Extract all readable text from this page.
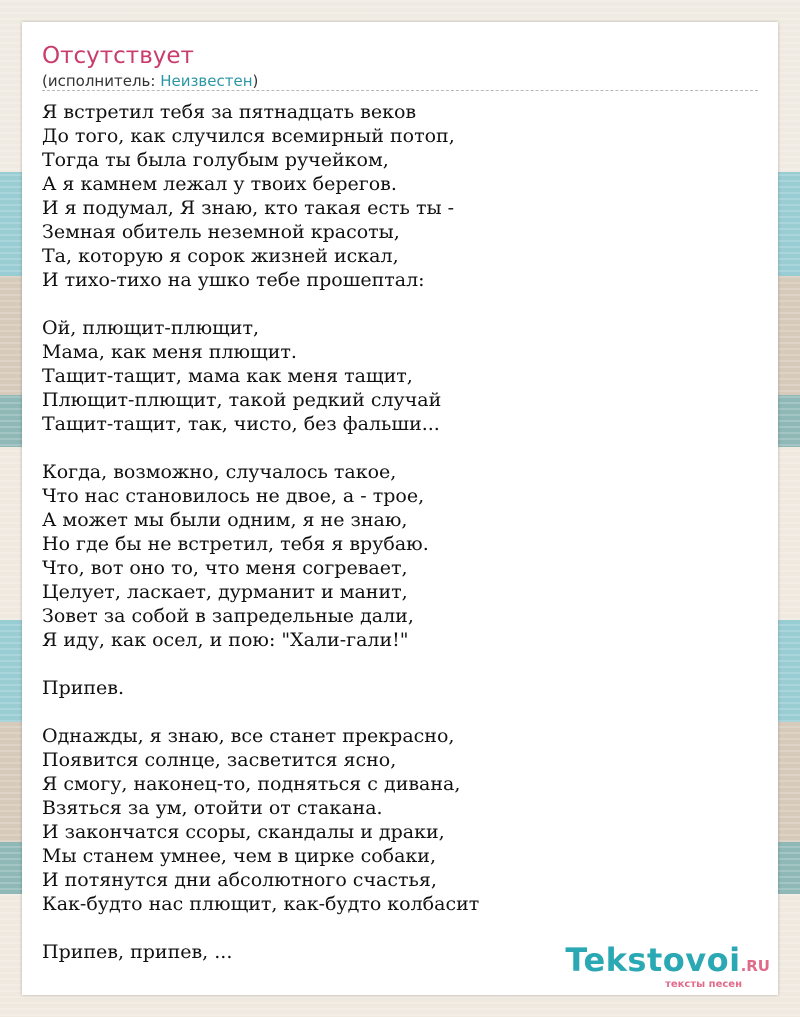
Отсутствует
(исполнитель: Неизвестен)
Я встретил тебя за пятнадцать веков
До того, как случился всемирный потоп,
Тогда ты была голубым ручейком,
А я камнем лежал у твоих берегов.
И я подумал, Я знаю, кто такая есть ты -
Земная обитель неземной красоты,
Та, которую я сорок жизней искал,
И тихо-тихо на ушко тебе прошептал:
Ой, плющит-плющит,
Мама, как меня плющит.
Тащит-тащит, мама как меня тащит,
Плющит-плющит, такой редкий случай
Тащит-тащит, так, чисто, без фальши...
Когда, возможно, случалось такое,
Что нас становилось не двое, а - трое,
А может мы были одним, я не знаю,
Но где бы не встретил, тебя я врубаю.
Что, вот оно то, что меня согревает,
Целует, ласкает, дурманит и манит,
Зовет за собой в запредельные дали,
Я иду, как осел, и пою: "Хали-гали!"
Припев.
Однажды, я знаю, все станет прекрасно,
Появится солнце, засветится ясно,
Я смогу, наконец-то, подняться с дивана,
Взяться за ум, отойти от стакана.
И закончатся ссоры, скандалы и драки,
Мы станем умнее, чем в цирке собаки,
И потянутся дни абсолютного счастья,
Как-будто нас плющит, как-будто колбасит
Припев, припев, ...	Tekstovoi.RU
тексты песен
